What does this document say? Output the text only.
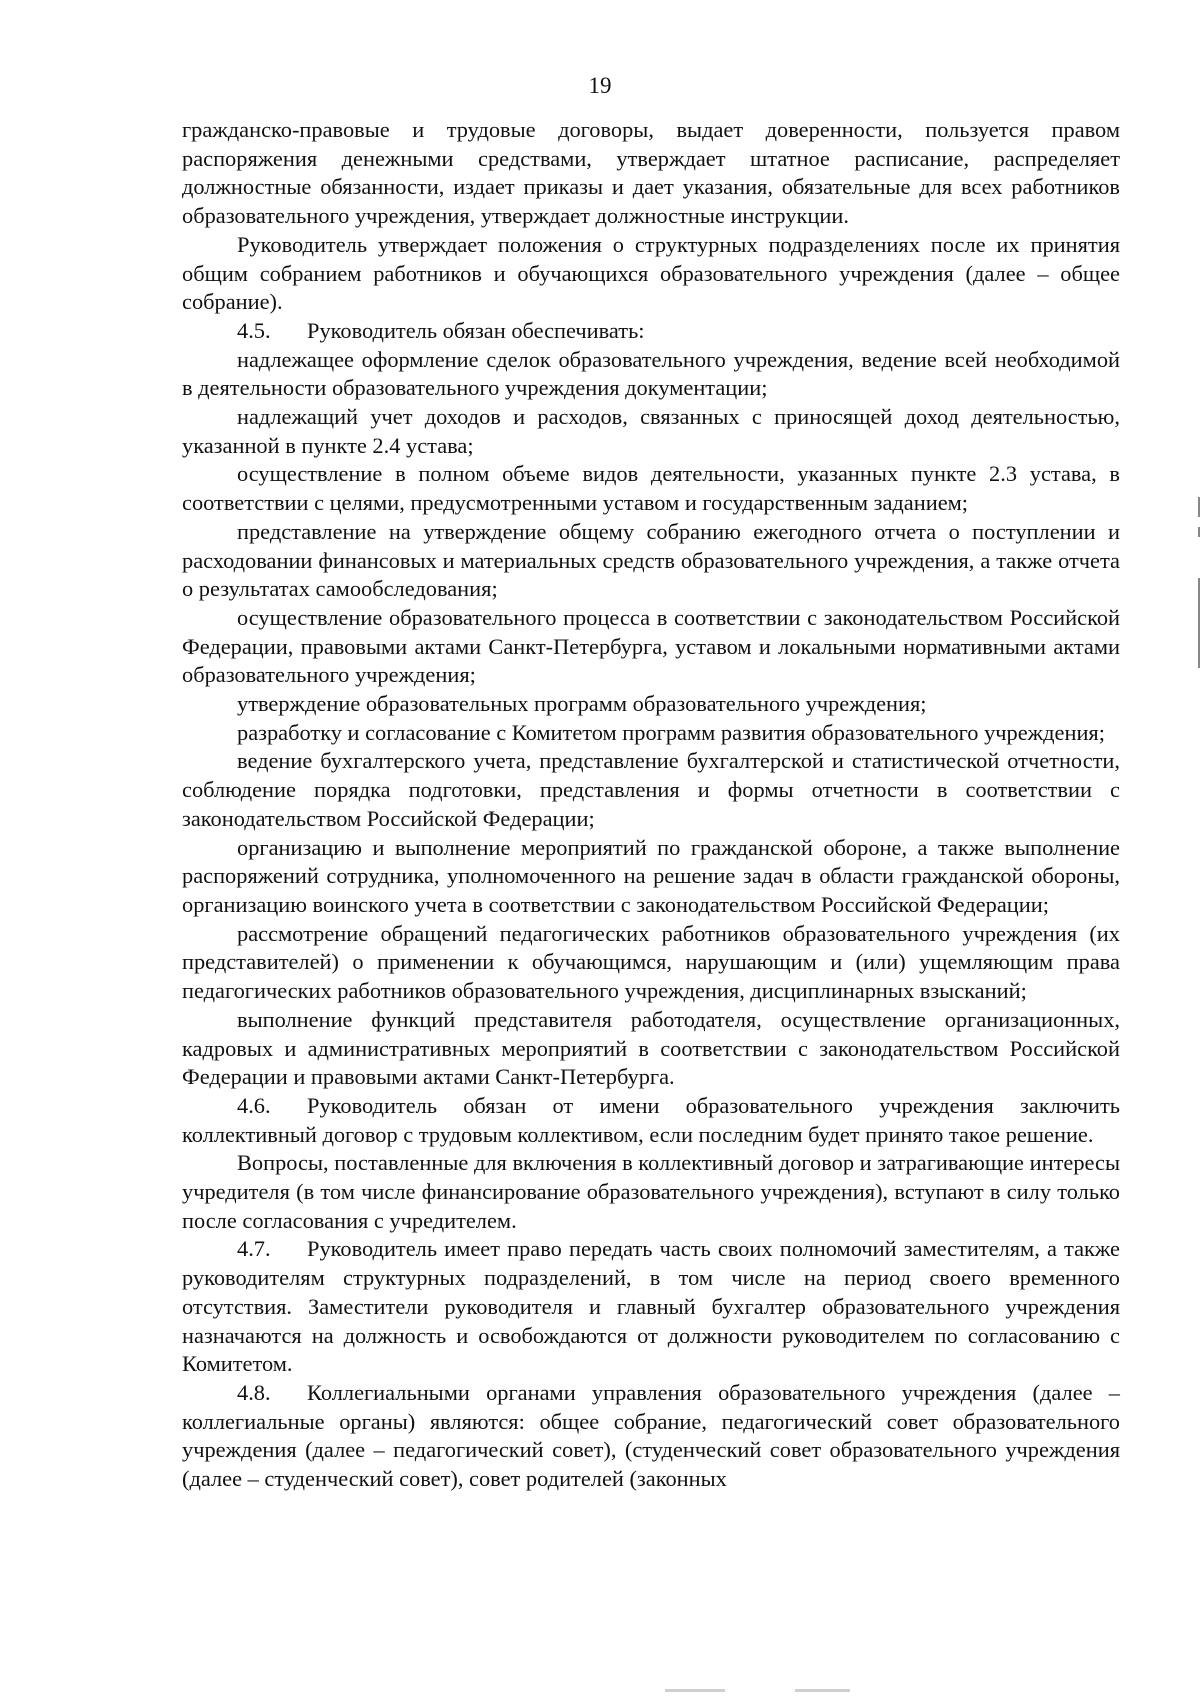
19

гражданско-правовые и трудовые договоры, выдает доверенности, пользуется правом распоряжения денежными средствами, утверждает штатное расписание, распределяет должностные обязанности, издает приказы и дает указания, обязательные для всех работников образовательного учреждения, утверждает должностные инструкции.

Руководитель утверждает положения о структурных подразделениях после их принятия общим собранием работников и обучающихся образовательного учреждения (далее – общее собрание).

4.5. Руководитель обязан обеспечивать:

надлежащее оформление сделок образовательного учреждения, ведение всей необходимой в деятельности образовательного учреждения документации;

надлежащий учет доходов и расходов, связанных с приносящей доход деятельностью, указанной в пункте 2.4 устава;

осуществление в полном объеме видов деятельности, указанных пункте 2.3 устава, в соответствии с целями, предусмотренными уставом и государственным заданием;

представление на утверждение общему собранию ежегодного отчета о поступлении и расходовании финансовых и материальных средств образовательного учреждения, а также отчета о результатах самообследования;

осуществление образовательного процесса в соответствии с законодательством Российской Федерации, правовыми актами Санкт-Петербурга, уставом и локальными нормативными актами образовательного учреждения;

утверждение образовательных программ образовательного учреждения;

разработку и согласование с Комитетом программ развития образовательного учреждения;

ведение бухгалтерского учета, представление бухгалтерской и статистической отчетности, соблюдение порядка подготовки, представления и формы отчетности в соответствии с законодательством Российской Федерации;

организацию и выполнение мероприятий по гражданской обороне, а также выполнение распоряжений сотрудника, уполномоченного на решение задач в области гражданской обороны, организацию воинского учета в соответствии с законодательством Российской Федерации;

рассмотрение обращений педагогических работников образовательного учреждения (их представителей) о применении к обучающимся, нарушающим и (или) ущемляющим права педагогических работников образовательного учреждения, дисциплинарных взысканий;

выполнение функций представителя работодателя, осуществление организационных, кадровых и административных мероприятий в соответствии с законодательством Российской Федерации и правовыми актами Санкт-Петербурга.

4.6. Руководитель обязан от имени образовательного учреждения заключить коллективный договор с трудовым коллективом, если последним будет принято такое решение.

Вопросы, поставленные для включения в коллективный договор и затрагивающие интересы учредителя (в том числе финансирование образовательного учреждения), вступают в силу только после согласования с учредителем.

4.7. Руководитель имеет право передать часть своих полномочий заместителям, а также руководителям структурных подразделений, в том числе на период своего временного отсутствия. Заместители руководителя и главный бухгалтер образовательного учреждения назначаются на должность и освобождаются от должности руководителем по согласованию с Комитетом.

4.8. Коллегиальными органами управления образовательного учреждения (далее – коллегиальные органы) являются: общее собрание, педагогический совет образовательного учреждения (далее – педагогический совет), (студенческий совет образовательного учреждения (далее – студенческий совет), совет родителей (законных
